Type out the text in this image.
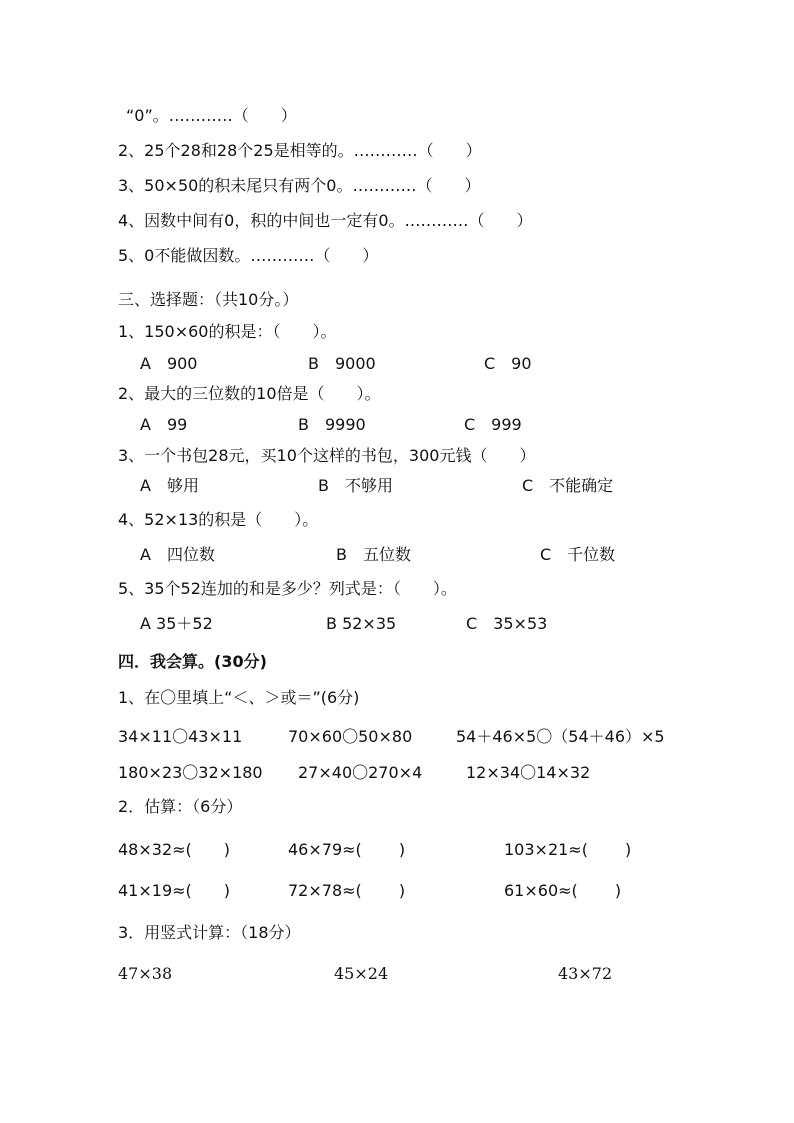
“0”。…………（　　）
2、25个28和28个25是相等的。…………（　　）
3、50×50的积未尾只有两个0。…………（　　）
4、因数中间有0，积的中间也一定有0。…………（　　）
5、0不能做因数。…………（　　）
三、选择题：（共10分。）
1、150×60的积是：（　　）。
A　900	B　9000	C　90
2、最大的三位数的10倍是（　　）。
A　99	B　9990	C　999
3、一个书包28元，买10个这样的书包，300元钱（　　）
A　够用	B　不够用	C　不能确定
4、52×13的积是（　　）。
A　四位数	B　五位数	C　千位数
5、35个52连加的和是多少？列式是：（　　）。
A 35＋52	B 52×35	C　35×53
四．我会算。(30分)
1、在〇里填上“＜、＞或＝”(6分)
34×11〇43×11	70×60〇50×80	54＋46×5〇（54＋46）×5
180×23〇32×180 27×40〇270×4	12×34〇14×32
2．估算：（6分）
48×32≈(　　)	46×79≈(　　 )	103×21≈(　　 )
41×19≈(　　)	72×78≈(　　 )	61×60≈(　　 )
3．用竖式计算：（18分）
47×38	45×24	43×72
